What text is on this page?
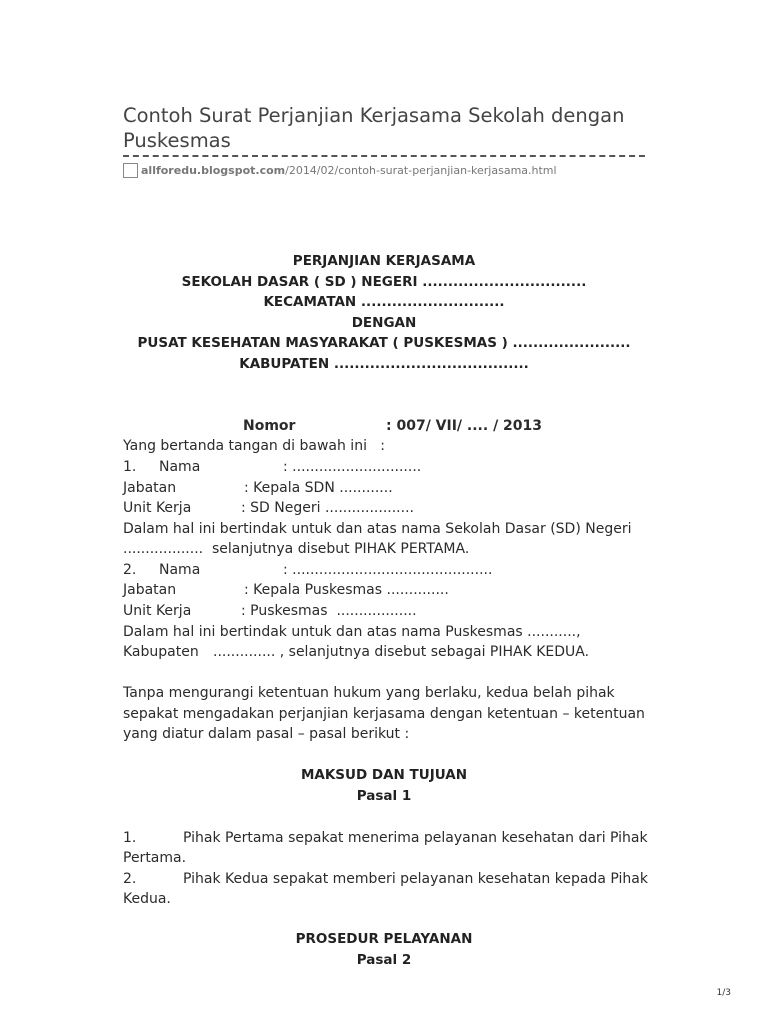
Contoh Surat Perjanjian Kerjasama Sekolah dengan Puskesmas
allforedu.blogspot.com /2014/02/contoh-surat-perjanjian-kerjasama.html
PERJANJIAN KERJASAMA
SEKOLAH DASAR ( SD ) NEGERI ................................
KECAMATAN ............................
DENGAN
PUSAT KESEHATAN MASYARAKAT ( PUSKESMAS ) .......................
KABUPATEN ......................................
Nomor	: 007/ VII/ .... / 2013
Yang bertanda tangan di bawah ini   :
1. Nama	: .............................
Jabatan	: Kepala SDN ............
Unit Kerja	: SD Negeri ....................
Dalam hal ini bertindak untuk dan atas nama Sekolah Dasar (SD) Negeri
..................  selanjutnya disebut PIHAK PERTAMA.
2. Nama	: .............................................
Jabatan	: Kepala Puskesmas ..............
Unit Kerja	: Puskesmas  ..................
Dalam hal ini bertindak untuk dan atas nama Puskesmas ...........,
Kabupaten .............. , selanjutnya disebut sebagai PIHAK KEDUA.
Tanpa mengurangi ketentuan hukum yang berlaku, kedua belah pihak
sepakat mengadakan perjanjian kerjasama dengan ketentuan – ketentuan
yang diatur dalam pasal – pasal berikut :
MAKSUD DAN TUJUAN
Pasal 1
1.	Pihak Pertama sepakat menerima pelayanan kesehatan dari Pihak
Pertama.
2.	Pihak Kedua sepakat memberi pelayanan kesehatan kepada Pihak
Kedua.
PROSEDUR PELAYANAN
Pasal 2
1/3
